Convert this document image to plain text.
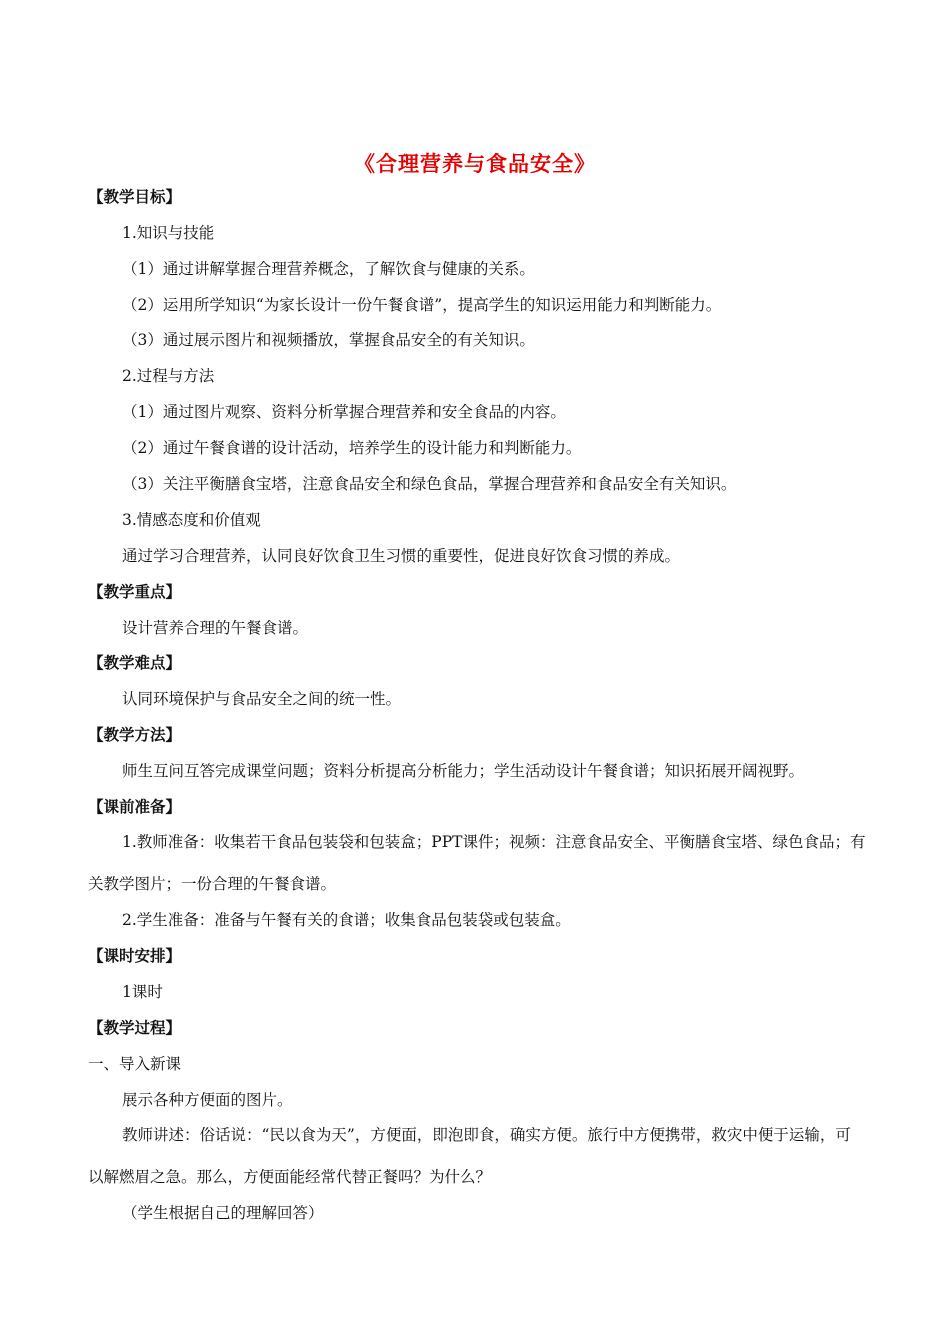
《合理营养与食品安全》
【教学目标】
1.知识与技能
（1）通过讲解掌握合理营养概念，了解饮食与健康的关系。
（2）运用所学知识“为家长设计一份午餐食谱”，提高学生的知识运用能力和判断能力。
（3）通过展示图片和视频播放，掌握食品安全的有关知识。
2.过程与方法
（1）通过图片观察、资料分析掌握合理营养和安全食品的内容。
（2）通过午餐食谱的设计活动，培养学生的设计能力和判断能力。
（3）关注平衡膳食宝塔，注意食品安全和绿色食品，掌握合理营养和食品安全有关知识。
3.情感态度和价值观
通过学习合理营养，认同良好饮食卫生习惯的重要性，促进良好饮食习惯的养成。
【教学重点】
设计营养合理的午餐食谱。
【教学难点】
认同环境保护与食品安全之间的统一性。
【教学方法】
师生互问互答完成课堂问题；资料分析提高分析能力；学生活动设计午餐食谱；知识拓展开阔视野。
【课前准备】
1.教师准备：收集若干食品包装袋和包装盒；PPT课件；视频：注意食品安全、平衡膳食宝塔、绿色食品；有关教学图片；一份合理的午餐食谱。
2.学生准备：准备与午餐有关的食谱；收集食品包装袋或包装盒。
【课时安排】
1课时
【教学过程】
一、导入新课
展示各种方便面的图片。
教师讲述：俗话说：“民以食为天”，方便面，即泡即食，确实方便。旅行中方便携带，救灾中便于运输，可以解燃眉之急。那么，方便面能经常代替正餐吗？为什么？
（学生根据自己的理解回答）
